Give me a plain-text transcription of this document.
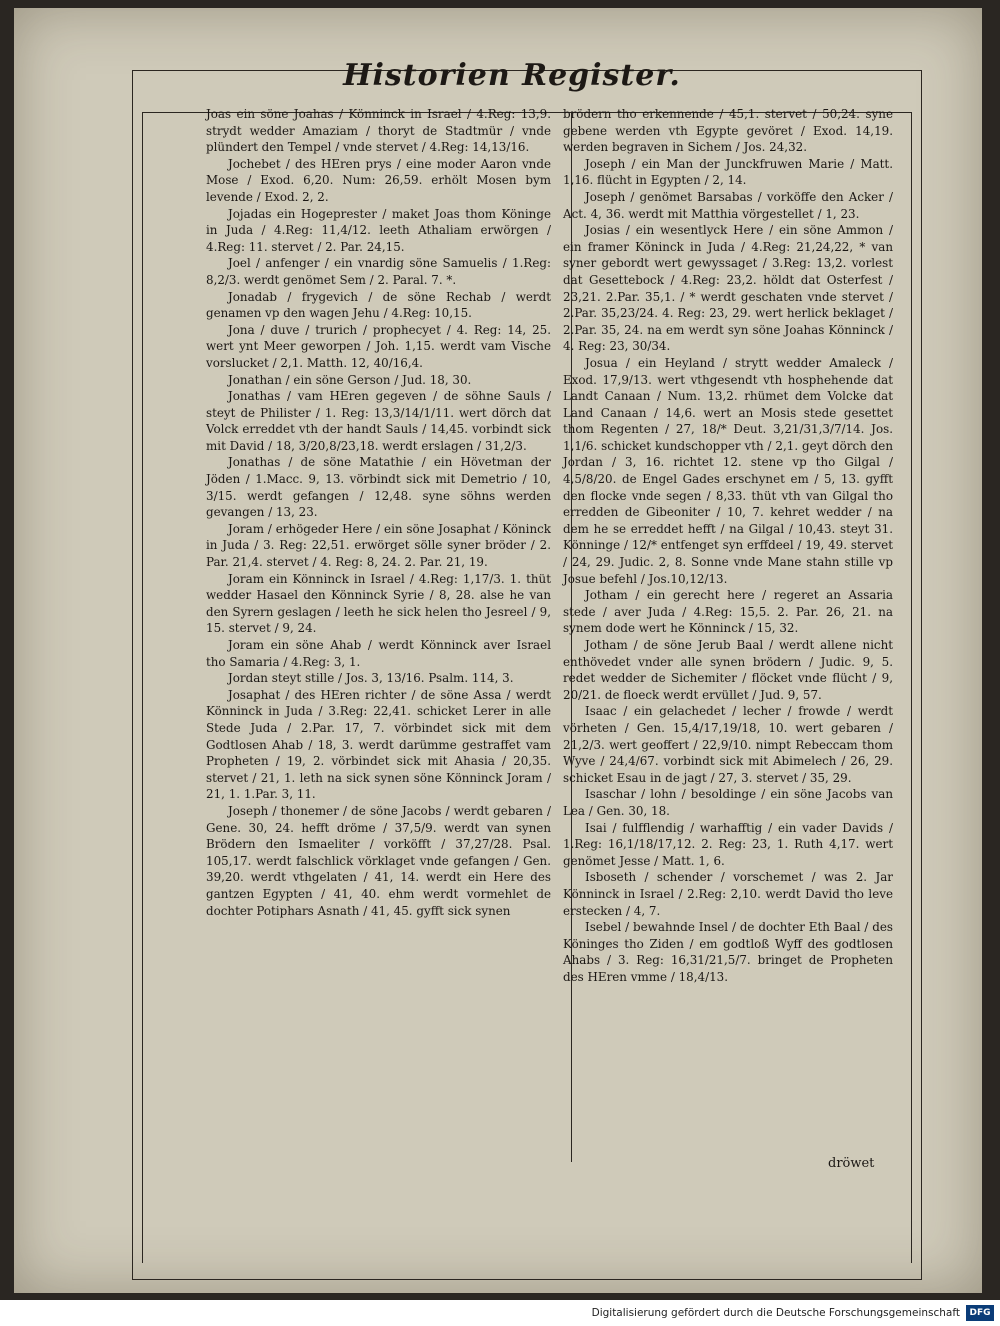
Historien Register.

Joas ein söne Joahas / Könninck in Israel / 4.Reg: 13,9. strydt wedder Amaziam / thoryt de Stadtmür / vnde plündert den Tempel / vnde stervet / 4.Reg: 14,13/16.

Jochebet / des HEren prys / eine moder Aaron vnde Mose / Exod. 6,20. Num: 26,59. erhölt Mosen bym levende / Exod. 2, 2.

Jojadas ein Hogeprester / maket Joas thom Köninge in Juda / 4.Reg: 11,4/12. leeth Athaliam erwörgen / 4.Reg: 11. stervet / 2. Par. 24,15.

Joel / anfenger / ein vnardig söne Samuelis / 1.Reg: 8,2/3. werdt genömet Sem / 2. Paral. 7. *.

Jonadab / frygevich / de söne Rechab / werdt genamen vp den wagen Jehu / 4.Reg: 10,15.

Jona / duve / trurich / prophecyet / 4. Reg: 14, 25. wert ynt Meer geworpen / Joh. 1,15. werdt vam Vische vorslucket / 2,1. Matth. 12, 40/16,4.

Jonathan / ein söne Gerson / Jud. 18, 30.

Jonathas / vam HEren gegeven / de söhne Sauls / steyt de Philister / 1. Reg: 13,3/14/1/11. wert dörch dat Volck erreddet vth der handt Sauls / 14,45. vorbindt sick mit David / 18, 3/20,8/23,18. werdt erslagen / 31,2/3.

Jonathas / de söne Matathie / ein Hövetman der Jöden / 1.Macc. 9, 13. vörbindt sick mit Demetrio / 10, 3/15. werdt gefangen / 12,48. syne söhns werden gevangen / 13, 23.

Joram / erhögeder Here / ein söne Josaphat / Köninck in Juda / 3. Reg: 22,51. erwörget sölle syner bröder / 2. Par. 21,4. stervet / 4. Reg: 8, 24. 2. Par. 21, 19.

Joram ein Könninck in Israel / 4.Reg: 1,17/3. 1. thüt wedder Hasael den Könninck Syrie / 8, 28. alse he van den Syrern geslagen / leeth he sick helen tho Jesreel / 9, 15. stervet / 9, 24.

Joram ein söne Ahab / werdt Könninck aver Israel tho Samaria / 4.Reg: 3, 1.

Jordan steyt stille / Jos. 3, 13/16. Psalm. 114, 3.

Josaphat / des HEren richter / de söne Assa / werdt Könninck in Juda / 3.Reg: 22,41. schicket Lerer in alle Stede Juda / 2.Par. 17, 7. vörbindet sick mit dem Godtlosen Ahab / 18, 3. werdt darümme gestraffet vam Propheten / 19, 2. vörbindet sick mit Ahasia / 20,35. stervet / 21, 1. leth na sick synen söne Könninck Joram / 21, 1. 1.Par. 3, 11.

Joseph / thonemer / de söne Jacobs / werdt gebaren / Gene. 30, 24. hefft dröme / 37,5/9. werdt van synen Brödern den Ismaeliter / vorköfft / 37,27/28. Psal. 105,17. werdt falschlick vörklaget vnde gefangen / Gen. 39,20. werdt vthgelaten / 41, 14. werdt ein Here des gantzen Egypten / 41, 40. ehm werdt vormehlet de dochter Potiphars Asnath / 41, 45. gyfft sick synen

brödern tho erkennende / 45,1. stervet / 50,24. syne gebene werden vth Egypte gevöret / Exod. 14,19. werden begraven in Sichem / Jos. 24,32.

Joseph / ein Man der Junckfruwen Marie / Matt. 1,16. flücht in Egypten / 2, 14.

Joseph / genömet Barsabas / vorköffe den Acker / Act. 4, 36. werdt mit Matthia vörgestellet / 1, 23.

Josias / ein wesentlyck Here / ein söne Ammon / ein framer Köninck in Juda / 4.Reg: 21,24,22, * van syner gebordt wert gewyssaget / 3.Reg: 13,2. vorlest dat Gesettebock / 4.Reg: 23,2. höldt dat Osterfest / 23,21. 2.Par. 35,1. / * werdt geschaten vnde stervet / 2.Par. 35,23/24. 4. Reg: 23, 29. wert herlick beklaget / 2.Par. 35, 24. na em werdt syn söne Joahas Könninck / 4. Reg: 23, 30/34.

Josua / ein Heyland / strytt wedder Amaleck / Exod. 17,9/13. wert vthgesendt vth hosphehende dat Landt Canaan / Num. 13,2. rhümet dem Volcke dat Land Canaan / 14,6. wert an Mosis stede gesettet thom Regenten / 27, 18/* Deut. 3,21/31,3/7/14. Jos. 1,1/6. schicket kundschopper vth / 2,1. geyt dörch den Jordan / 3, 16. richtet 12. stene vp tho Gilgal / 4,5/8/20. de Engel Gades erschynet em / 5, 13. gyfft den flocke vnde segen / 8,33. thüt vth van Gilgal tho erredden de Gibeoniter / 10, 7. kehret wedder / na dem he se erreddet hefft / na Gilgal / 10,43. steyt 31. Könninge / 12/* entfenget syn erffdeel / 19, 49. stervet / 24, 29. Judic. 2, 8. Sonne vnde Mane stahn stille vp Josue befehl / Jos.10,12/13.

Jotham / ein gerecht here / regeret an Assaria stede / aver Juda / 4.Reg: 15,5. 2. Par. 26, 21. na synem dode wert he Könninck / 15, 32.

Jotham / de söne Jerub Baal / werdt allene nicht enthövedet vnder alle synen brödern / Judic. 9, 5. redet wedder de Sichemiter / flöcket vnde flücht / 9, 20/21. de floeck werdt ervüllet / Jud. 9, 57.

Isaac / ein gelachedet / lecher / frowde / werdt vörheten / Gen. 15,4/17,19/18, 10. wert gebaren / 21,2/3. wert geoffert / 22,9/10. nimpt Rebeccam thom Wyve / 24,4/67. vorbindt sick mit Abimelech / 26, 29. schicket Esau in de jagt / 27, 3. stervet / 35, 29.

Isaschar / lohn / besoldinge / ein söne Jacobs van Lea / Gen. 30, 18.

Isai / fulfflendig / warhafftig / ein vader Davids / 1.Reg: 16,1/18/17,12. 2. Reg: 23, 1. Ruth 4,17. wert genömet Jesse / Matt. 1, 6.

Isboseth / schender / vorschemet / was 2. Jar Könninck in Israel / 2.Reg: 2,10. werdt David tho leve erstecken / 4, 7.

Isebel / bewahnde Insel / de dochter Eth Baal / des Köninges tho Ziden / em godtloß Wyff des godtlosen Ahabs / 3. Reg: 16,31/21,5/7. bringet de Propheten des HEren vmme / 18,4/13.

dröwet
Digitalisierung gefördert durch die Deutsche Forschungsgemeinschaft	DFG
